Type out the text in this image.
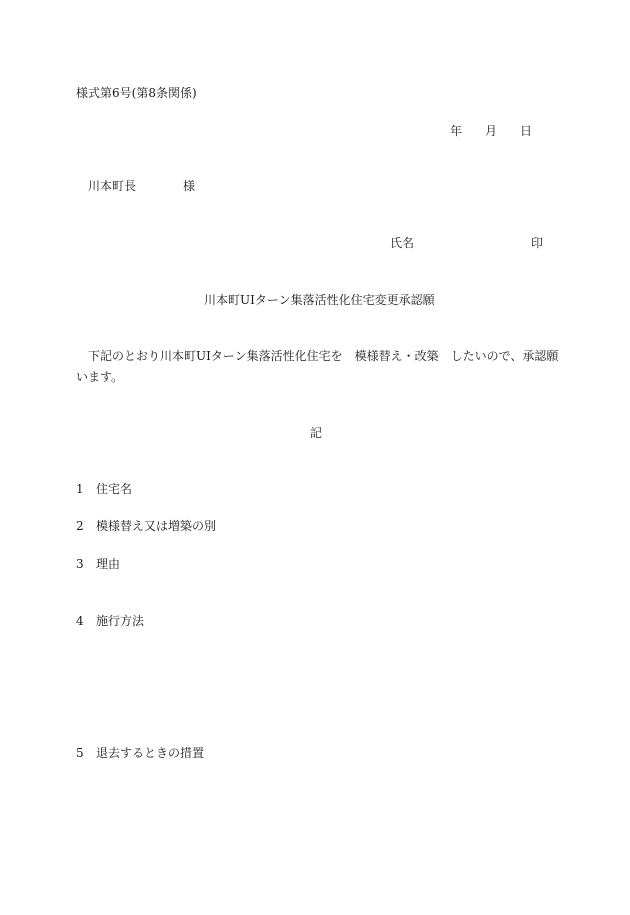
様式第6号(第8条関係)
年 月 日
川本町長	様
氏名	印
川本町UIターン集落活性化住宅変更承認願
下記のとおり川本町UIターン集落活性化住宅を　模様替え・改築　したいので、承認願
います。
記
1 住宅名
2 模様替え又は増築の別
3 理由
4 施行方法
5 退去するときの措置
